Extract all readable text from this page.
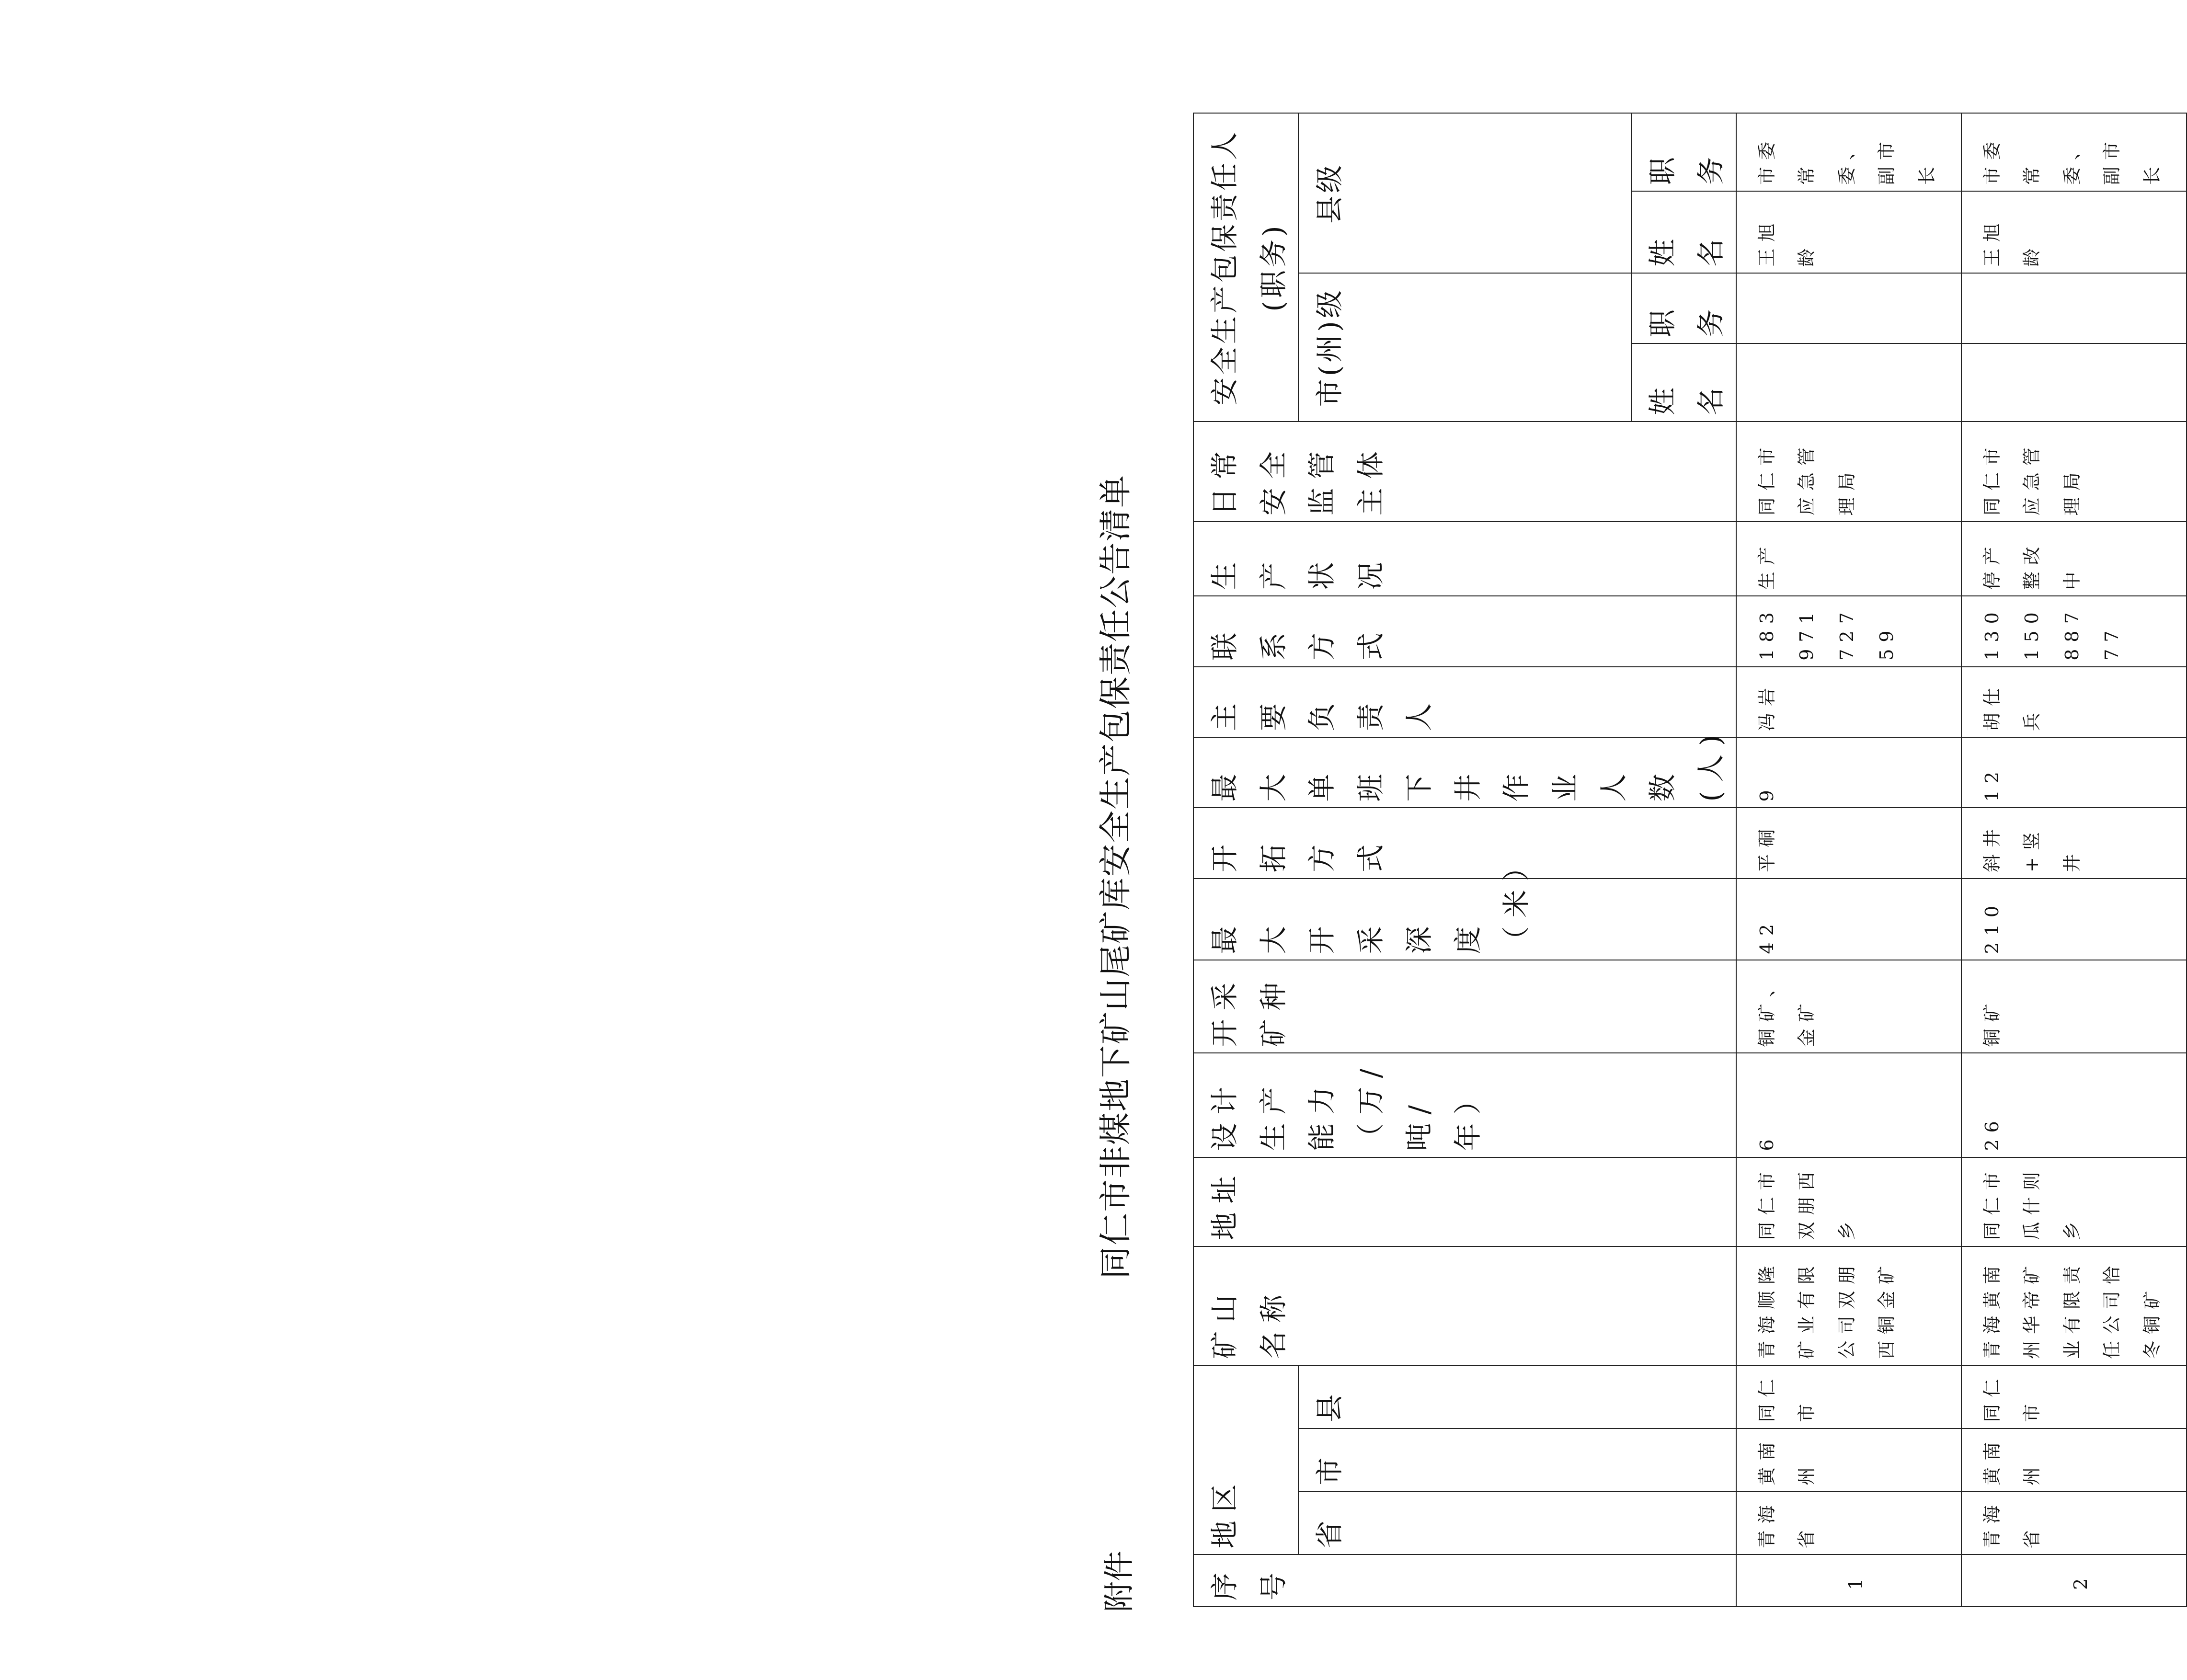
附件
同仁市非煤地下矿山尾矿库安全生产包保责任公告清单
序号	地区			矿山名称	地址	设计生产能力（万/吨/年）	开采矿种	最大开采深度（米）	开拓方式	最大单班下井作业人数(人)	主要负责人	联系方式	生产状况	日常安全监管主体	安全生产包保责任人(职务)			
	省	市	县												市(州)级		县级	
															姓名	职务	姓名	职务
1	青海省	黄南州	同仁市	青海顺隆矿业有限公司双朋西铜金矿	同仁市双朋西乡	6	铜矿、金矿	42	平硐	9	冯岩	18397172759	生产	同仁市应急管理局			王旭龄	市委常委、副市长
2	青海省	黄南州	同仁市	青海黄南州华帝矿业有限责任公司恰冬铜矿	同仁市瓜什则乡	26	铜矿	210	斜井+竖井	12	胡仕兵	13015088777	停产整改中	同仁市应急管理局			王旭龄	市委常委、副市长
